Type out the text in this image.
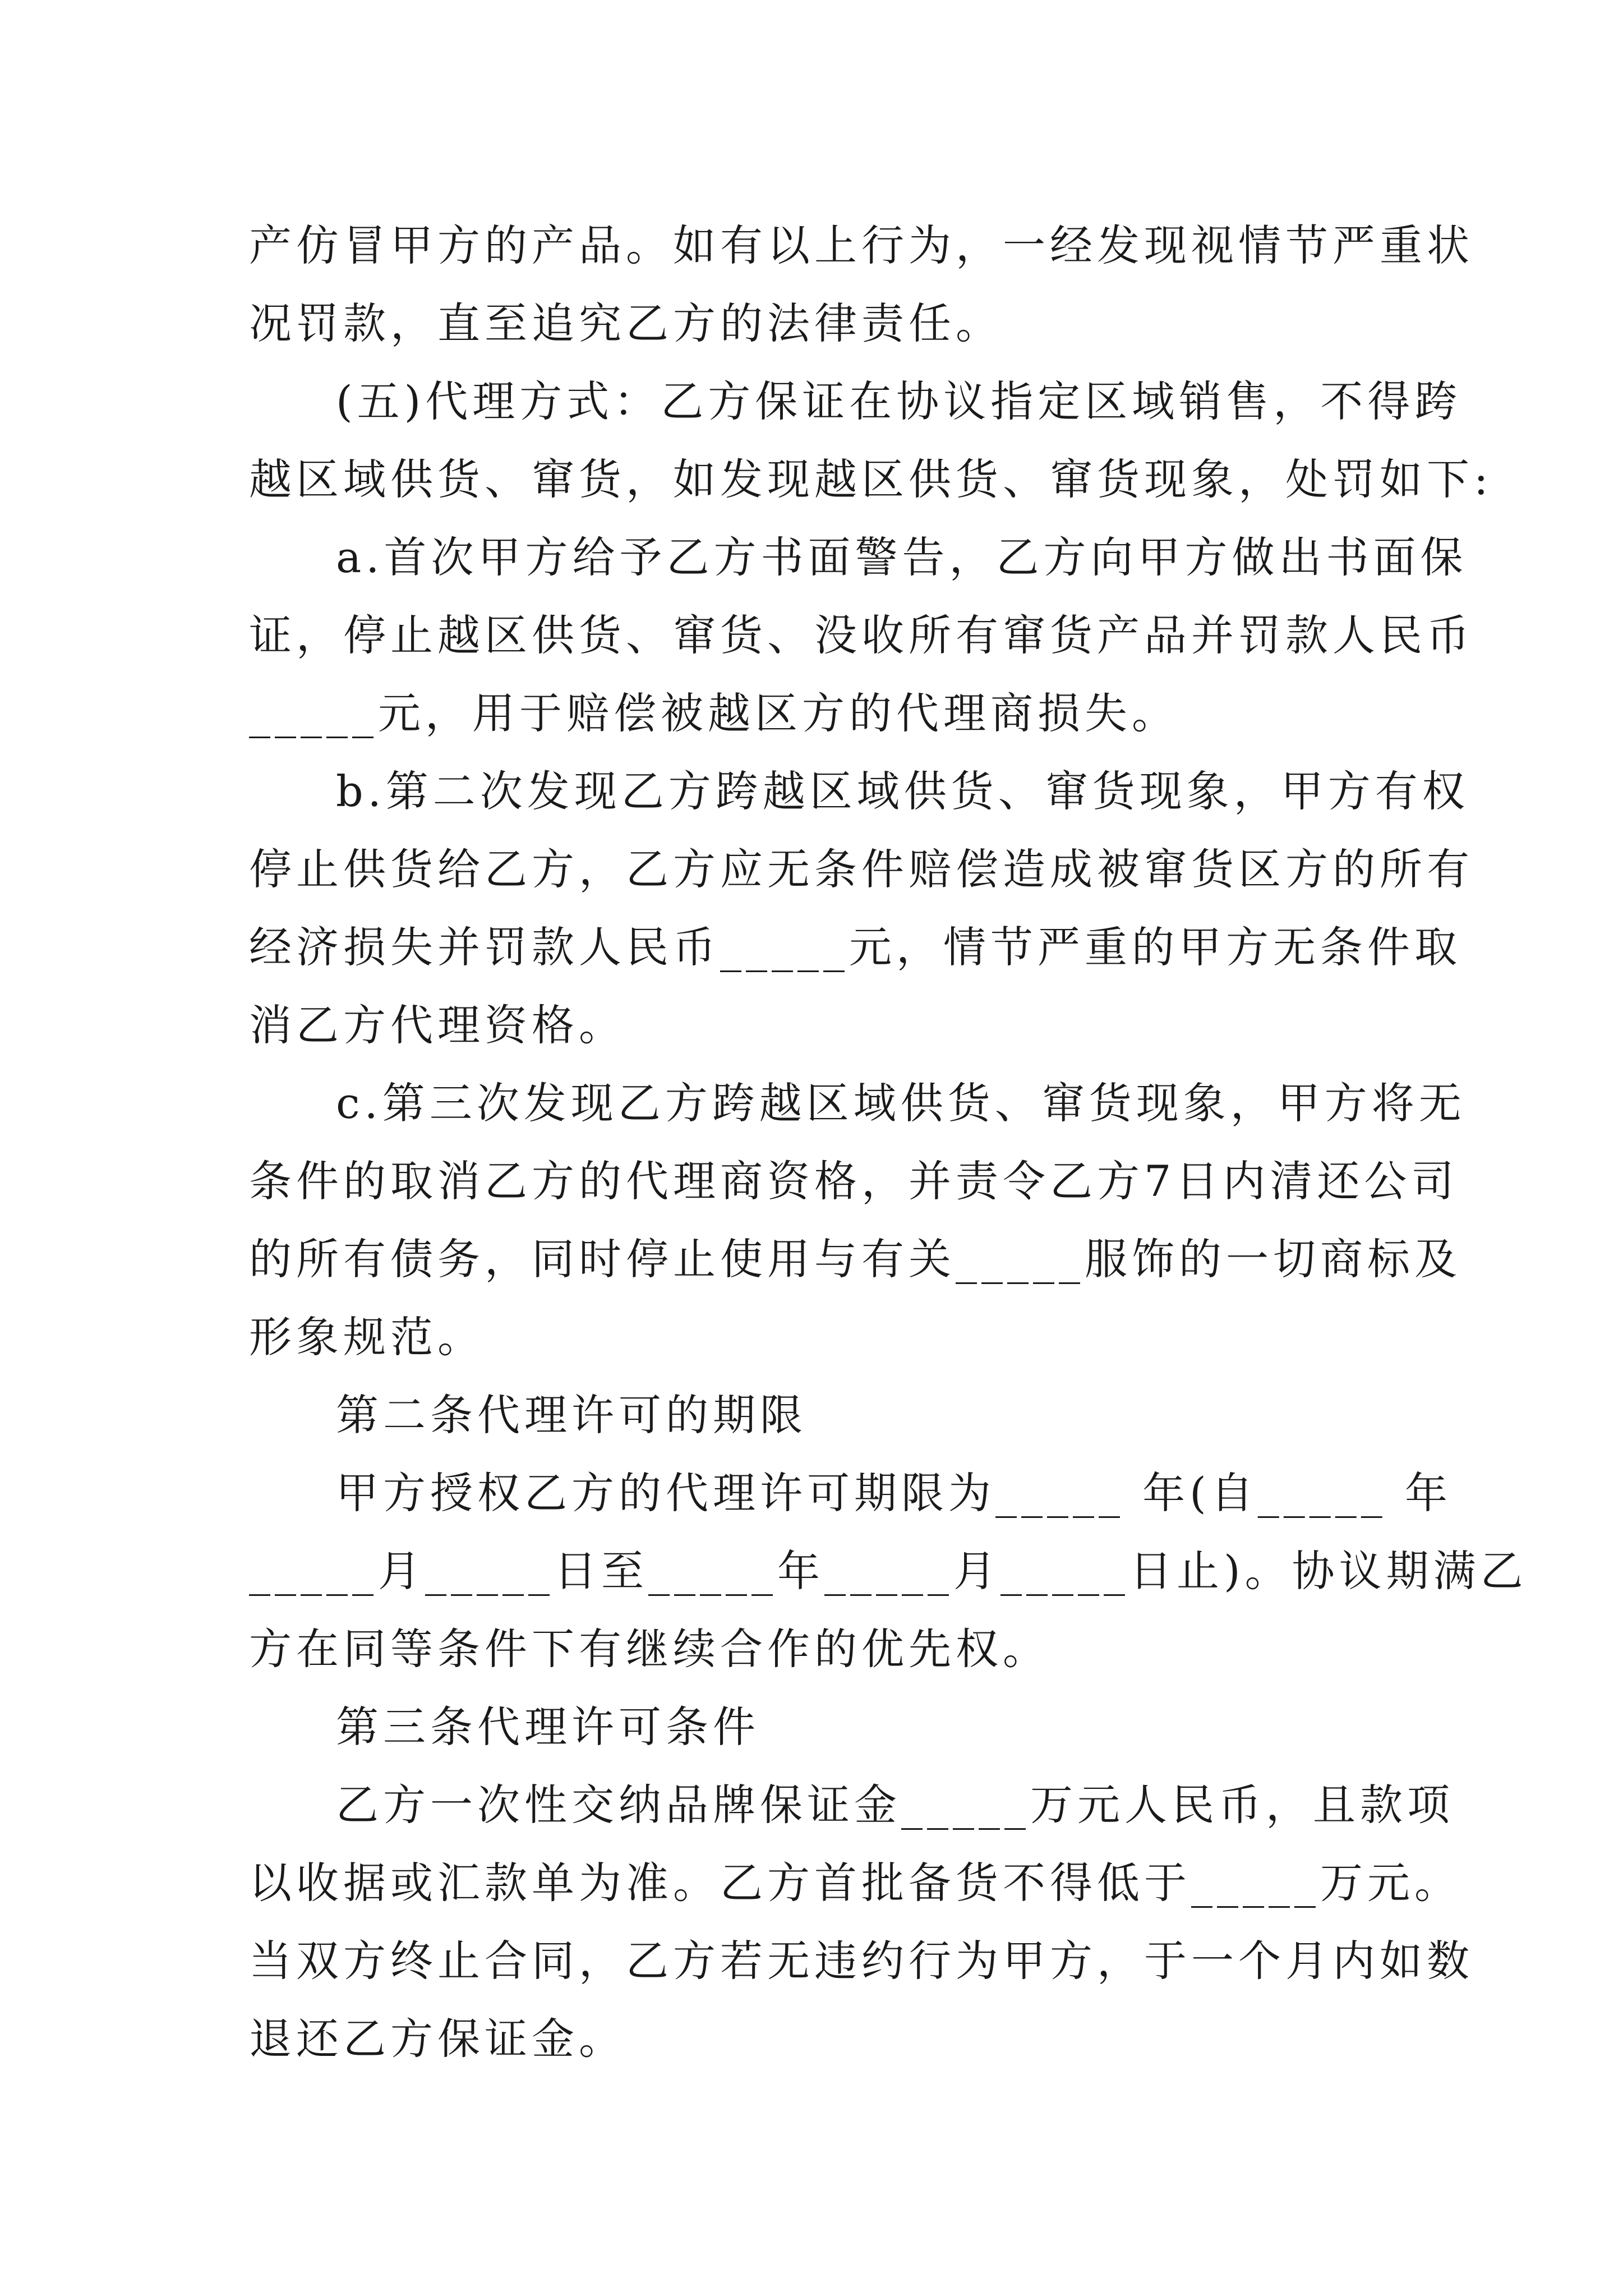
产仿冒甲方的产品。如有以上行为，一经发现视情节严重状
况罚款，直至追究乙方的法律责任。
(五)代理方式：乙方保证在协议指定区域销售，不得跨
越区域供货、窜货，如发现越区供货、窜货现象，处罚如下:
a.首次甲方给予乙方书面警告，乙方向甲方做出书面保
证，停止越区供货、窜货、没收所有窜货产品并罚款人民币
_____元，用于赔偿被越区方的代理商损失。
b.第二次发现乙方跨越区域供货、窜货现象，甲方有权
停止供货给乙方，乙方应无条件赔偿造成被窜货区方的所有
经济损失并罚款人民币_____元，情节严重的甲方无条件取
消乙方代理资格。
c.第三次发现乙方跨越区域供货、窜货现象，甲方将无
条件的取消乙方的代理商资格，并责令乙方7日内清还公司
的所有债务，同时停止使用与有关_____服饰的一切商标及
形象规范。
第二条代理许可的期限
甲方授权乙方的代理许可期限为_____ 年(自_____ 年
_____月_____日至_____年_____月_____日止)。协议期满乙
方在同等条件下有继续合作的优先权。
第三条代理许可条件
乙方一次性交纳品牌保证金_____万元人民币，且款项
以收据或汇款单为准。乙方首批备货不得低于_____万元。
当双方终止合同，乙方若无违约行为甲方，于一个月内如数
退还乙方保证金。
